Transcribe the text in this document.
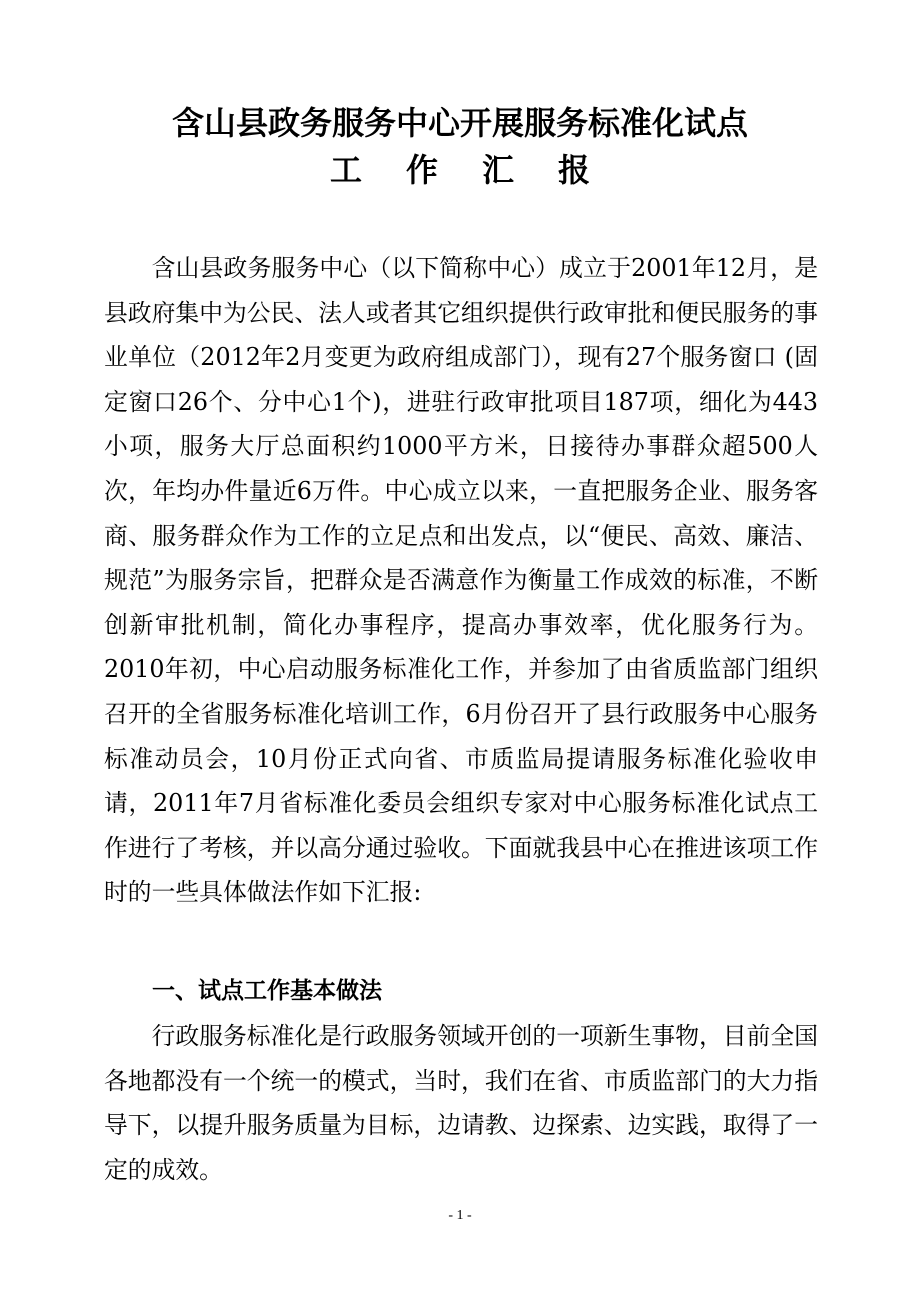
含山县政务服务中心开展服务标准化试点
工 作 汇 报

含山县政务服务中心（以下简称中心）成立于2001年12月，是县政府集中为公民、法人或者其它组织提供行政审批和便民服务的事业单位（2012年2月变更为政府组成部门），现有27个服务窗口 (固定窗口26个、分中心1个)，进驻行政审批项目187项，细化为443小项，服务大厅总面积约1000平方米，日接待办事群众超500人次，年均办件量近6万件。中心成立以来，一直把服务企业、服务客商、服务群众作为工作的立足点和出发点，以“便民、高效、廉洁、规范”为服务宗旨，把群众是否满意作为衡量工作成效的标准，不断创新审批机制，简化办事程序，提高办事效率，优化服务行为。2010年初，中心启动服务标准化工作，并参加了由省质监部门组织召开的全省服务标准化培训工作，6月份召开了县行政服务中心服务标准动员会，10月份正式向省、市质监局提请服务标准化验收申请，2011年7月省标准化委员会组织专家对中心服务标准化试点工作进行了考核，并以高分通过验收。下面就我县中心在推进该项工作时的一些具体做法作如下汇报:

一、试点工作基本做法

行政服务标准化是行政服务领域开创的一项新生事物，目前全国各地都没有一个统一的模式，当时，我们在省、市质监部门的大力指导下，以提升服务质量为目标，边请教、边探索、边实践，取得了一定的成效。

- 1 -
